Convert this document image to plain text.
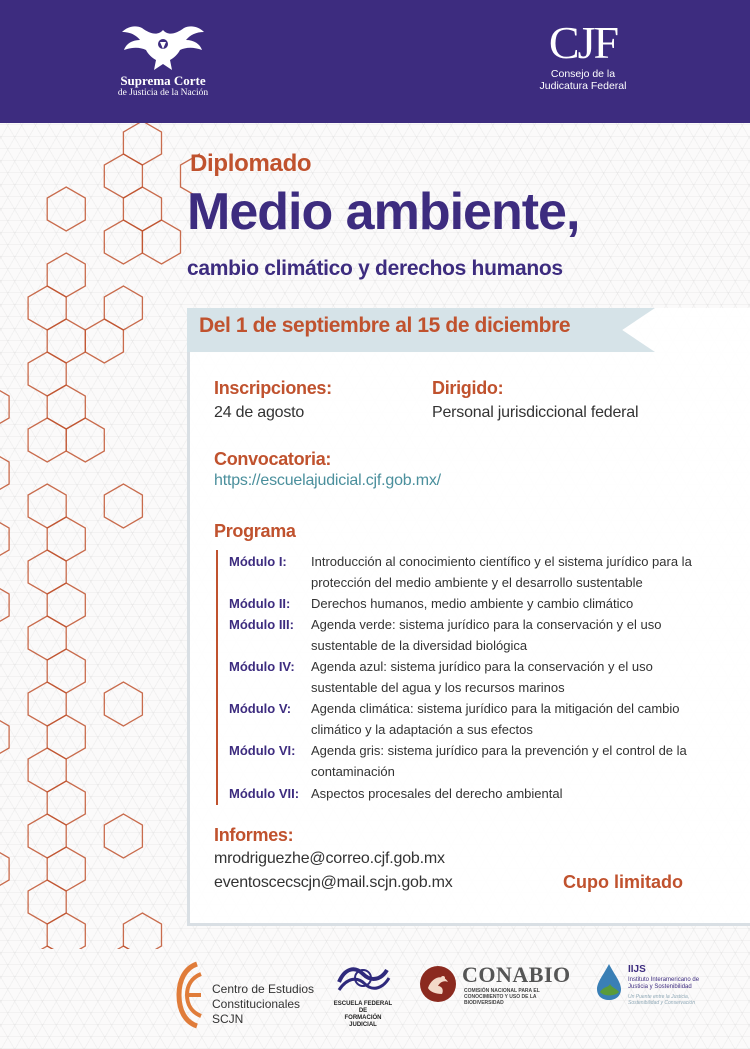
Suprema Corte
de Justicia de la Nación
CJF
Consejo de la
Judicatura Federal
Diplomado
Medio ambiente,
cambio climático y derechos humanos
Del 1 de septiembre al 15 de diciembre
Inscripciones:
24 de agosto
Dirigido:
Personal jurisdiccional federal
Convocatoria:
https://escuelajudicial.cjf.gob.mx/
Programa
Módulo I:	Introducción al conocimiento científico y el sistema jurídico para la protección del medio ambiente y el desarrollo sustentable
Módulo II:	Derechos humanos, medio ambiente y cambio climático
Módulo III:	Agenda verde: sistema jurídico para la conservación y el uso sustentable de la diversidad biológica
Módulo IV:	Agenda azul: sistema jurídico para la conservación y el uso sustentable del agua y los recursos marinos
Módulo V:	Agenda climática: sistema jurídico para la mitigación del cambio climático y la adaptación a sus efectos
Módulo VI:	Agenda gris: sistema jurídico para la prevención y el control de la contaminación
Módulo VII: Aspectos procesales del derecho ambiental
Informes:
mrodriguezhe@correo.cjf.gob.mx
eventoscecscjn@mail.scjn.gob.mx	Cupo limitado
Centro de Estudios
Constitucionales
SCJN
ESCUELA FEDERAL DE
FORMACIÓN JUDICIAL
CONABIO
COMISIÓN NACIONAL PARA EL CONOCIMIENTO Y USO DE LA BIODIVERSIDAD
IIJS
Instituto Interamericano de Justicia y Sostenibilidad
Un Puente entre la Justicia, Sostenibilidad y Conservación
